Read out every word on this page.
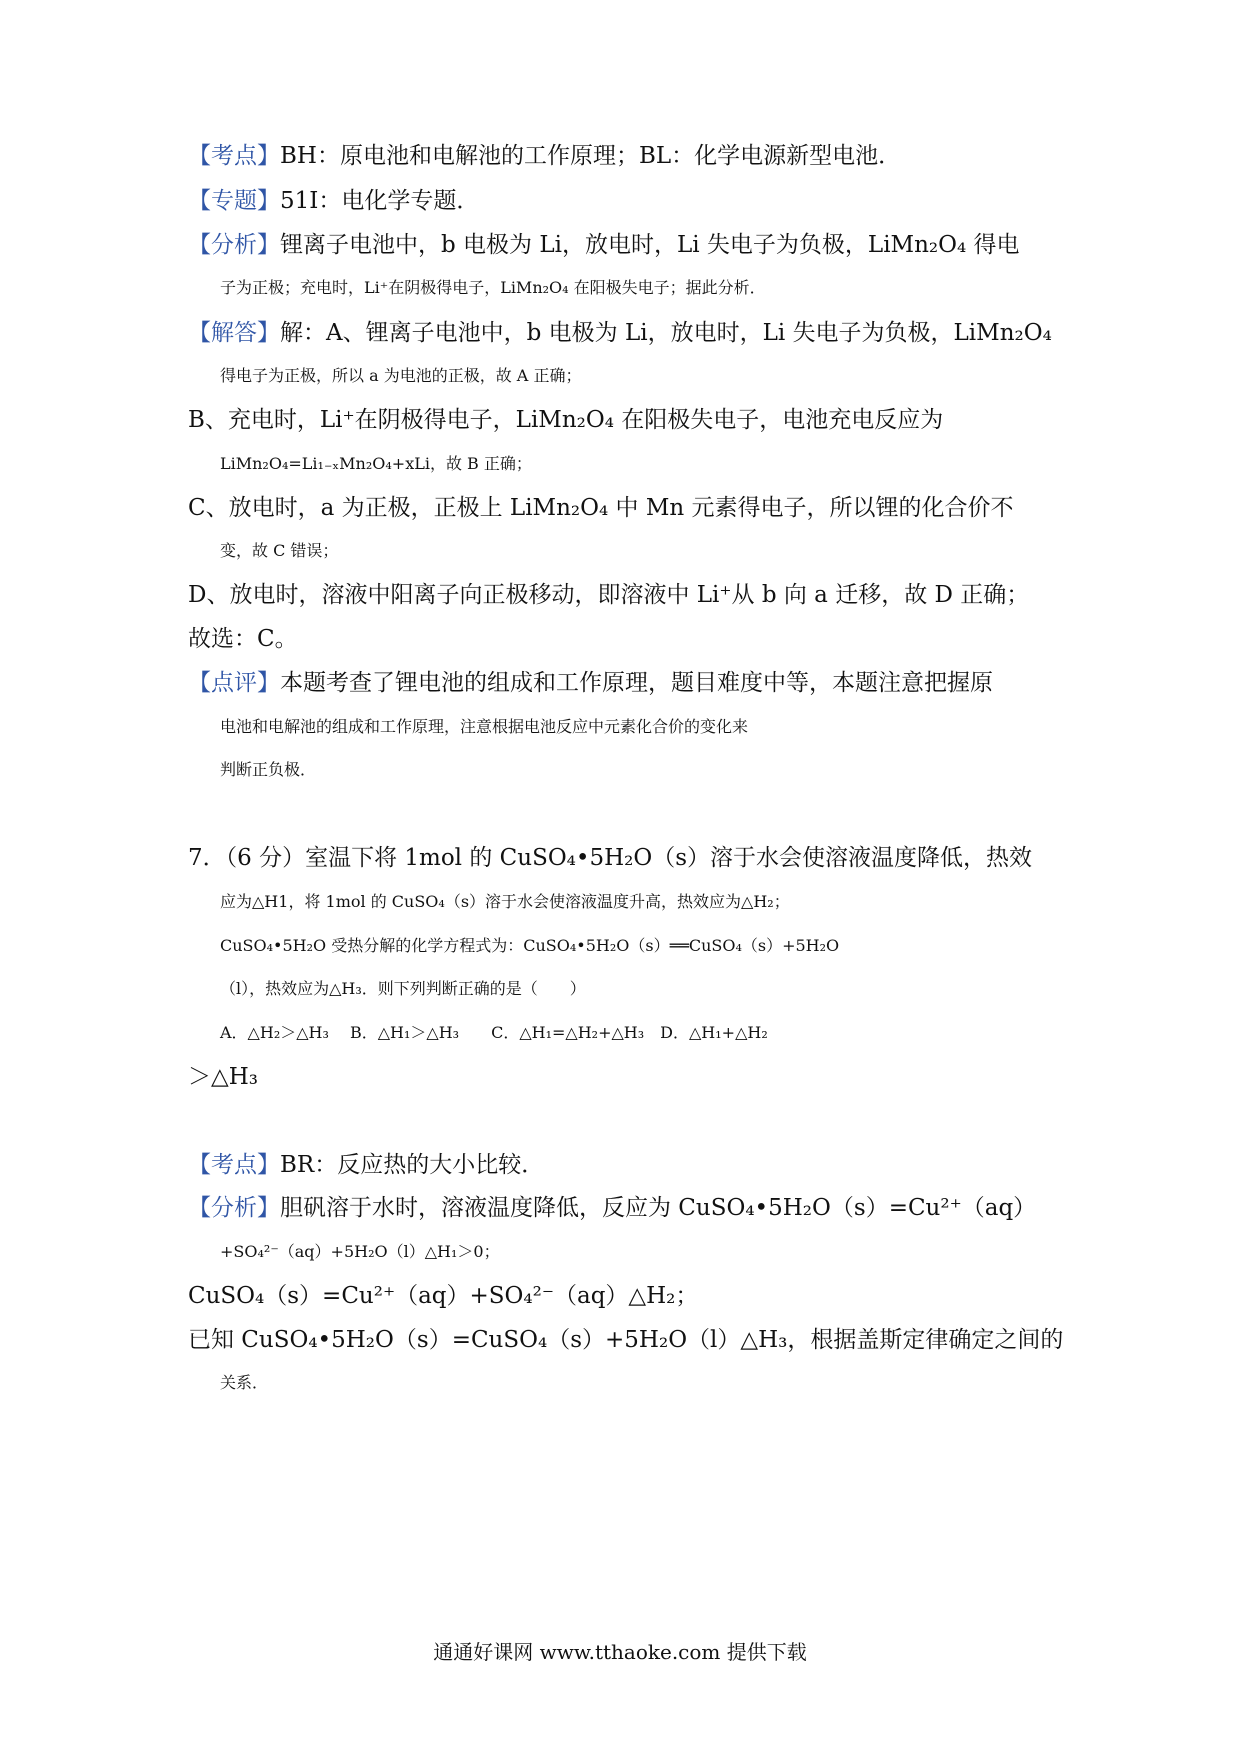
【考点】BH：原电池和电解池的工作原理；BL：化学电源新型电池．
【专题】51I：电化学专题．
【分析】锂离子电池中，b 电极为 Li，放电时，Li 失电子为负极，LiMn₂O₄ 得电
子为正极；充电时，Li⁺在阴极得电子，LiMn₂O₄ 在阳极失电子；据此分析．
【解答】解：A、锂离子电池中，b 电极为 Li，放电时，Li 失电子为负极，LiMn₂O₄
得电子为正极，所以 a 为电池的正极，故 A 正确；
B、充电时，Li⁺在阴极得电子，LiMn₂O₄ 在阳极失电子，电池充电反应为
LiMn₂O₄=Li₁₋ₓMn₂O₄+xLi，故 B 正确；
C、放电时，a 为正极，正极上 LiMn₂O₄ 中 Mn 元素得电子，所以锂的化合价不
变，故 C 错误；
D、放电时，溶液中阳离子向正极移动，即溶液中 Li⁺从 b 向 a 迁移，故 D 正确；
故选：C。
【点评】本题考查了锂电池的组成和工作原理，题目难度中等，本题注意把握原
电池和电解池的组成和工作原理，注意根据电池反应中元素化合价的变化来
判断正负极．
7．（6 分）室温下将 1mol 的 CuSO₄•5H₂O（s）溶于水会使溶液温度降低，热效
应为△H1，将 1mol 的 CuSO₄（s）溶于水会使溶液温度升高，热效应为△H₂；
CuSO₄•5H₂O 受热分解的化学方程式为：CuSO₄•5H₂O（s）══CuSO₄（s）+5H₂O
（l），热效应为△H₃．则下列判断正确的是（　　）
A．△H₂＞△H₃　 B．△H₁＞△H₃　　C．△H₁=△H₂+△H₃　D．△H₁+△H₂
＞△H₃
【考点】BR：反应热的大小比较．
【分析】胆矾溶于水时，溶液温度降低，反应为 CuSO₄•5H₂O（s）=Cu²⁺（aq）
+SO₄²⁻（aq）+5H₂O（l）△H₁＞0；
CuSO₄（s）=Cu²⁺（aq）+SO₄²⁻（aq）△H₂；
已知 CuSO₄•5H₂O（s）=CuSO₄（s）+5H₂O（l）△H₃，根据盖斯定律确定之间的
关系．
通通好课网 www.tthaoke.com 提供下载
